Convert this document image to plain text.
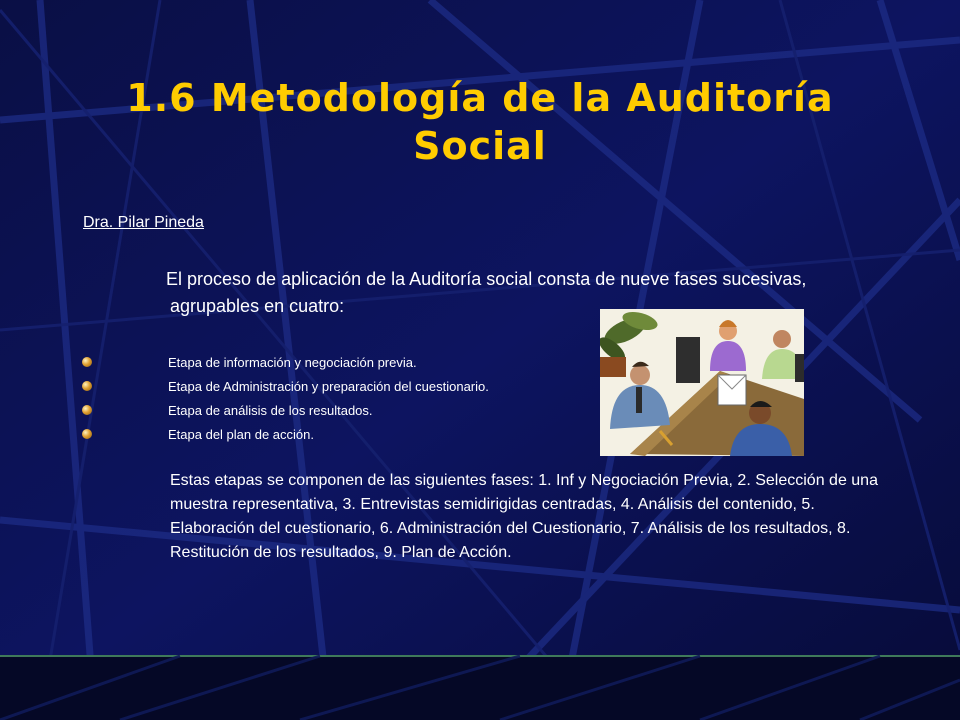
1.6 Metodología de la Auditoría Social
Dra. Pilar Pineda
El proceso de aplicación de la Auditoría social consta de nueve fases sucesivas, agrupables en cuatro:
Etapa de información y negociación previa.
Etapa de Administración y preparación del cuestionario.
Etapa de análisis de los resultados.
Etapa del plan de acción.
Estas etapas se componen de las siguientes fases: 1. Inf y Negociación Previa, 2. Selección de una muestra representativa, 3. Entrevistas semidirigidas centradas, 4. Análisis del contenido, 5. Elaboración del cuestionario, 6. Administración del Cuestionario, 7. Análisis de los resultados, 8. Restitución de los resultados, 9. Plan de Acción.
